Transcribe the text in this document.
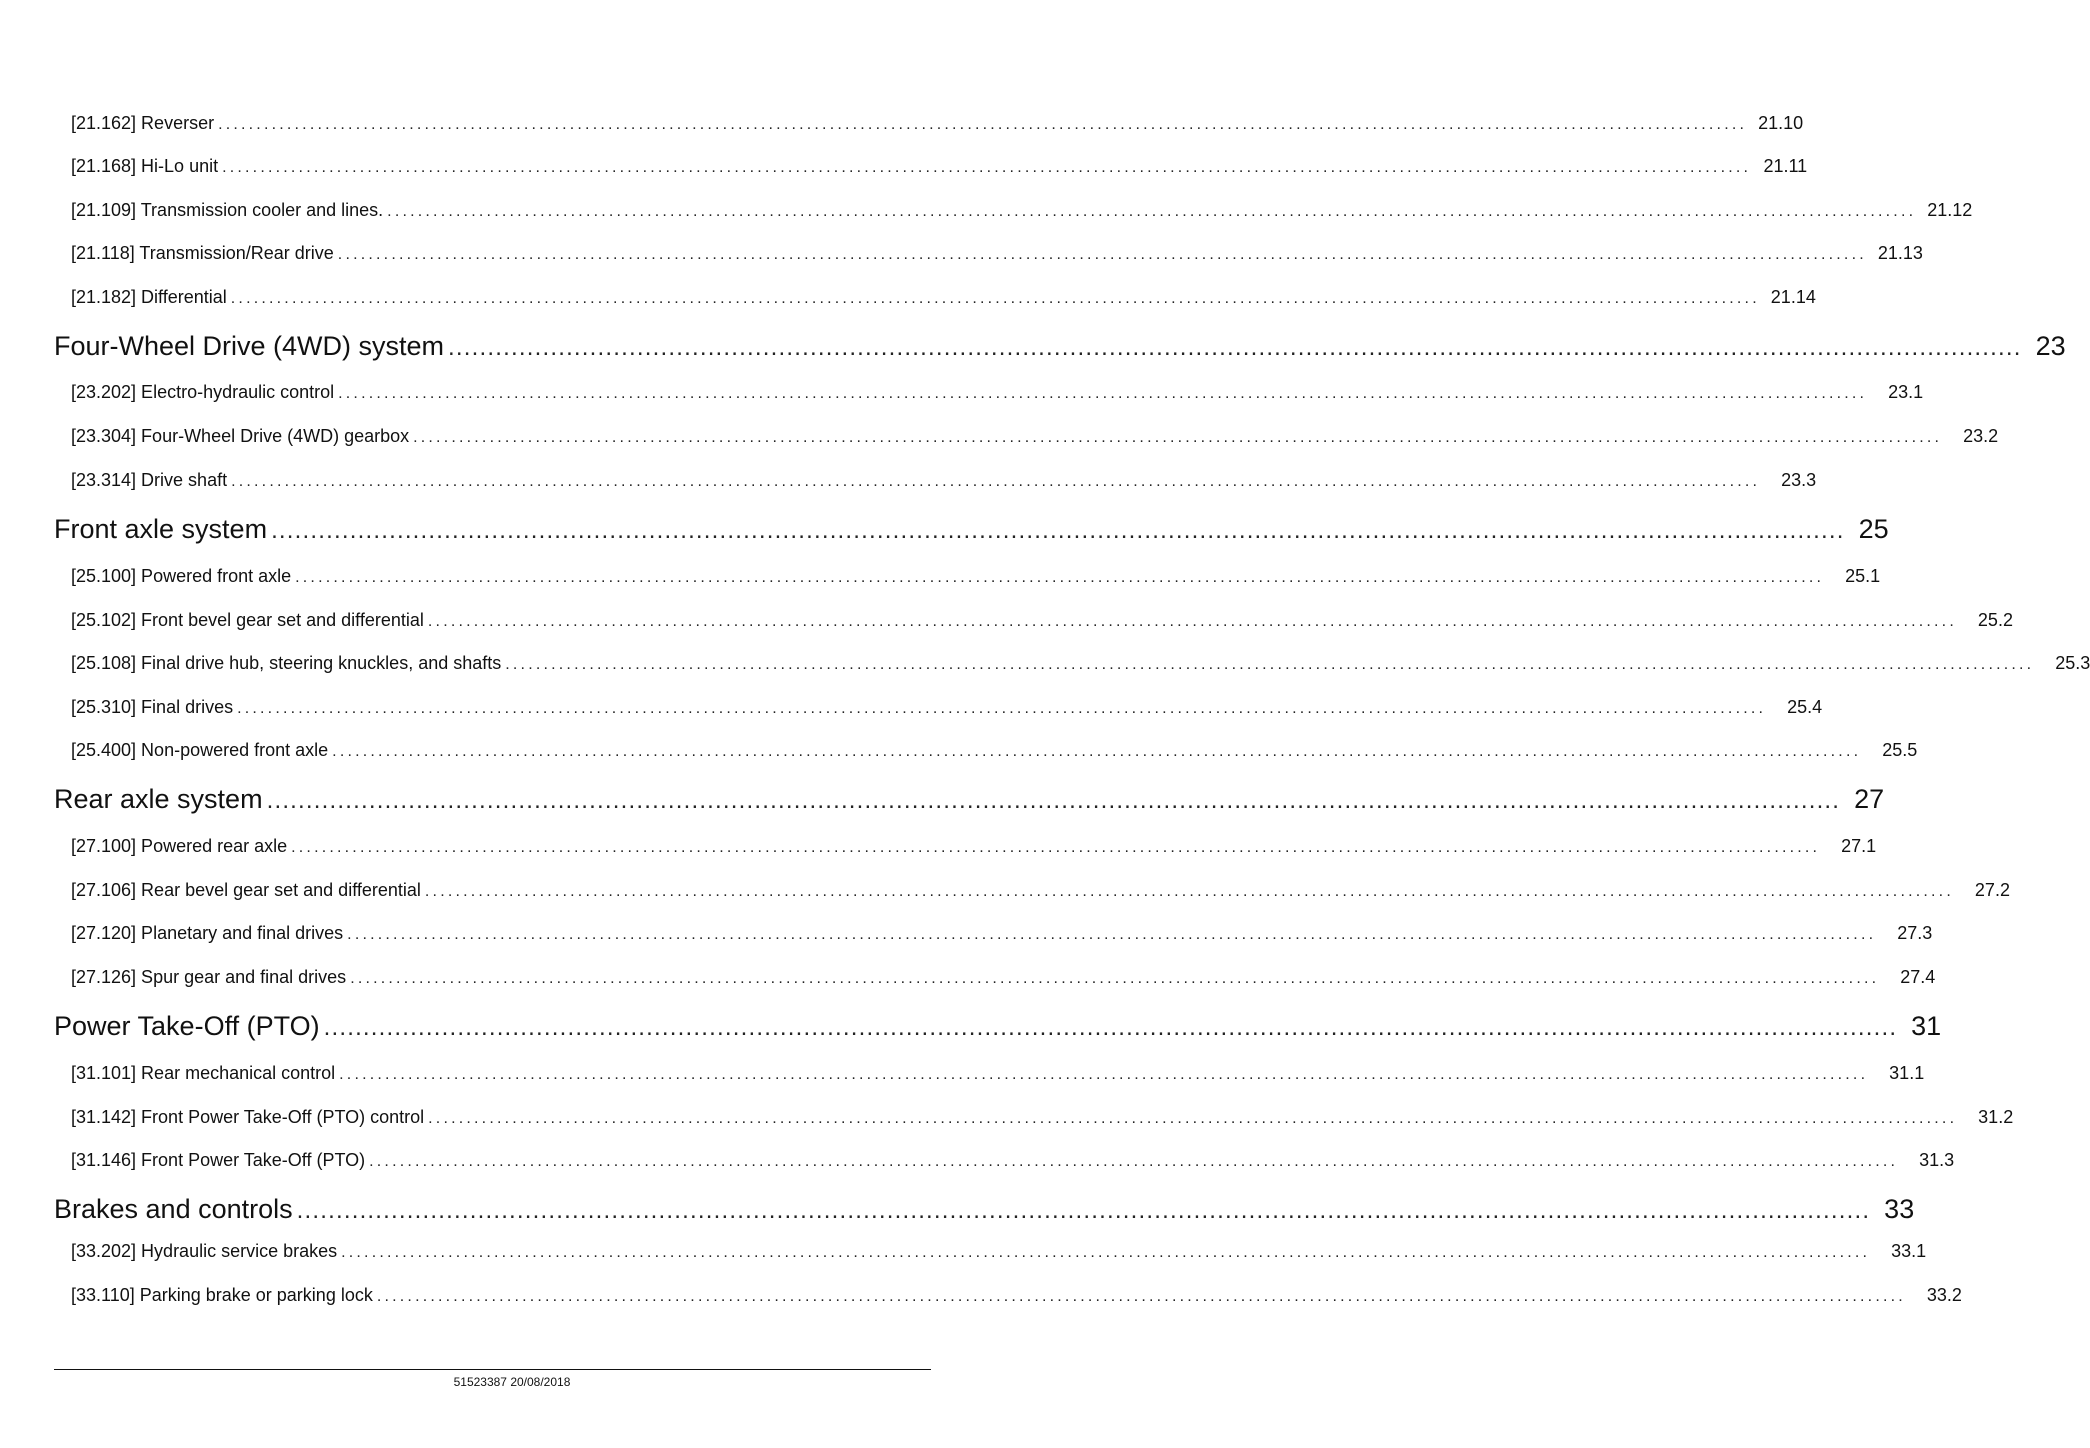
[21.162] Reverser ........................................................................................................................................................................................................ 21.10
[21.168] Hi-Lo unit ........................................................................................................................................................................................................ 21.11
[21.109] Transmission cooler and lines. ........................................................................................................................................................................................................ 21.12
[21.118] Transmission/Rear drive ........................................................................................................................................................................................................ 21.13
[21.182] Differential ........................................................................................................................................................................................................ 21.14
Four-Wheel Drive (4WD) system ........................................................................................................................................................................................................ 23
[23.202] Electro-hydraulic control ........................................................................................................................................................................................................	23.1
[23.304] Four-Wheel Drive (4WD) gearbox ........................................................................................................................................................................................................	23.2
[23.314] Drive shaft ........................................................................................................................................................................................................	23.3
Front axle system ........................................................................................................................................................................................................ 25
[25.100] Powered front axle ........................................................................................................................................................................................................	25.1
[25.102] Front bevel gear set and differential ........................................................................................................................................................................................................	25.2
[25.108] Final drive hub, steering knuckles, and shafts ........................................................................................................................................................................................................	25.3
[25.310] Final drives ........................................................................................................................................................................................................	25.4
[25.400] Non-powered front axle ........................................................................................................................................................................................................	25.5
Rear axle system ........................................................................................................................................................................................................ 27
[27.100] Powered rear axle ........................................................................................................................................................................................................	27.1
[27.106] Rear bevel gear set and differential ........................................................................................................................................................................................................	27.2
[27.120] Planetary and final drives ........................................................................................................................................................................................................	27.3
[27.126] Spur gear and final drives ........................................................................................................................................................................................................	27.4
Power Take-Off (PTO) ........................................................................................................................................................................................................ 31
[31.101] Rear mechanical control ........................................................................................................................................................................................................	31.1
[31.142] Front Power Take-Off (PTO) control ........................................................................................................................................................................................................	31.2
[31.146] Front Power Take-Off (PTO) ........................................................................................................................................................................................................	31.3
Brakes and controls ........................................................................................................................................................................................................ 33
[33.202] Hydraulic service brakes ........................................................................................................................................................................................................	33.1
[33.110] Parking brake or parking lock ........................................................................................................................................................................................................	33.2
51523387 20/08/2018
